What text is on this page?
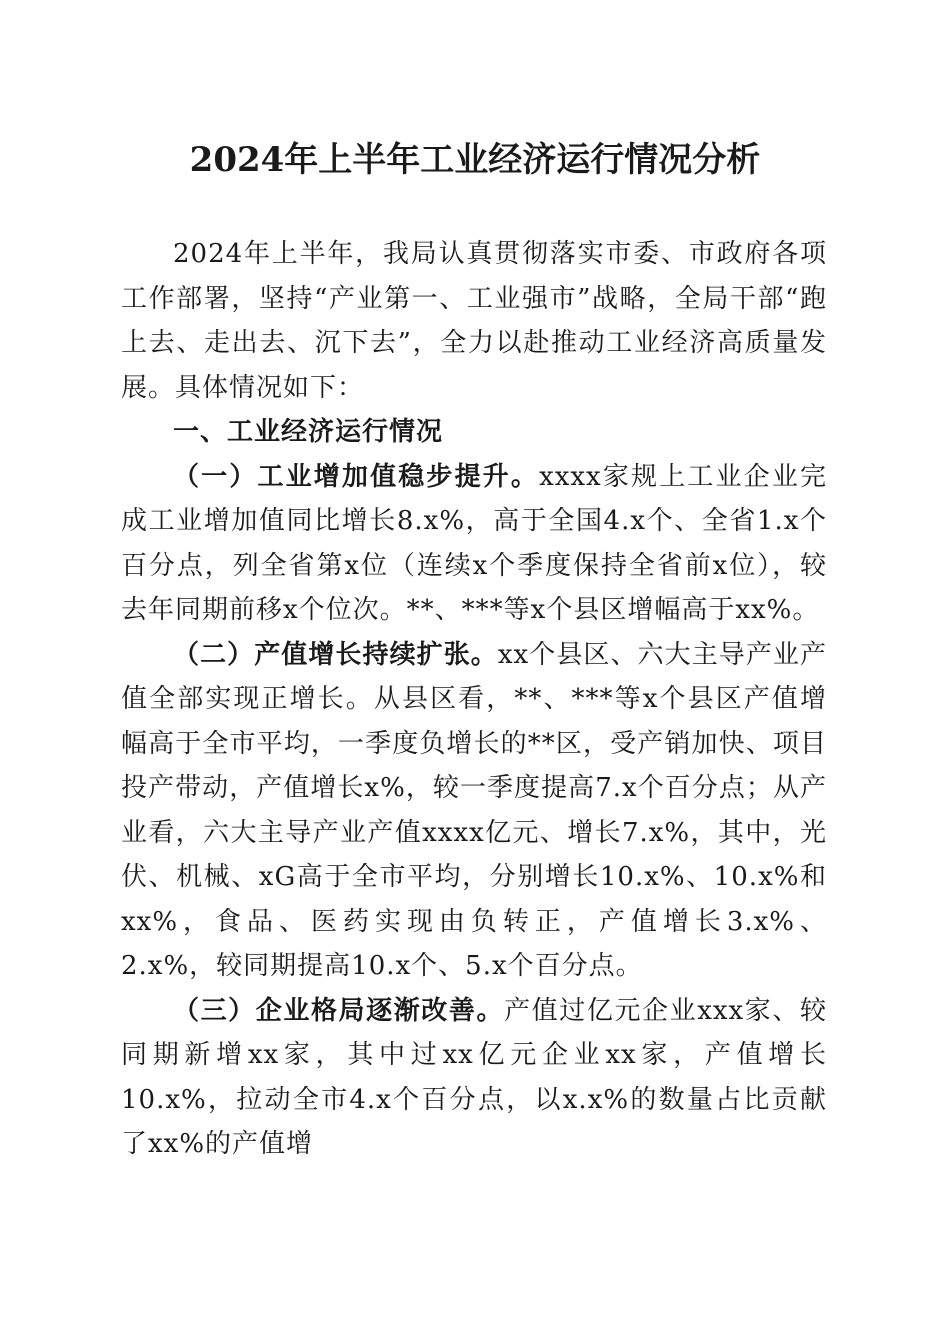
2024年上半年工业经济运行情况分析

2024年上半年，我局认真贯彻落实市委、市政府各项工作部署，坚持“产业第一、工业强市”战略，全局干部“跑上去、走出去、沉下去”，全力以赴推动工业经济高质量发展。具体情况如下：

一、工业经济运行情况

（一）工业增加值稳步提升。xxxx家规上工业企业完成工业增加值同比增长8.x%，高于全国4.x个、全省1.x个百分点，列全省第x位（连续x个季度保持全省前x位），较去年同期前移x个位次。**、***等x个县区增幅高于xx%。

（二）产值增长持续扩张。xx个县区、六大主导产业产值全部实现正增长。从县区看，**、***等x个县区产值增幅高于全市平均，一季度负增长的**区，受产销加快、项目投产带动，产值增长x%，较一季度提高7.x个百分点；从产业看，六大主导产业产值xxxx亿元、增长7.x%，其中，光伏、机械、xG高于全市平均，分别增长10.x%、10.x%和xx%，食品、医药实现由负转正，产值增长3.x%、2.x%，较同期提高10.x个、5.x个百分点。

（三）企业格局逐渐改善。产值过亿元企业xxx家、较同期新增xx家，其中过xx亿元企业xx家，产值增长10.x%，拉动全市4.x个百分点，以x.x%的数量占比贡献了xx%的产值增
